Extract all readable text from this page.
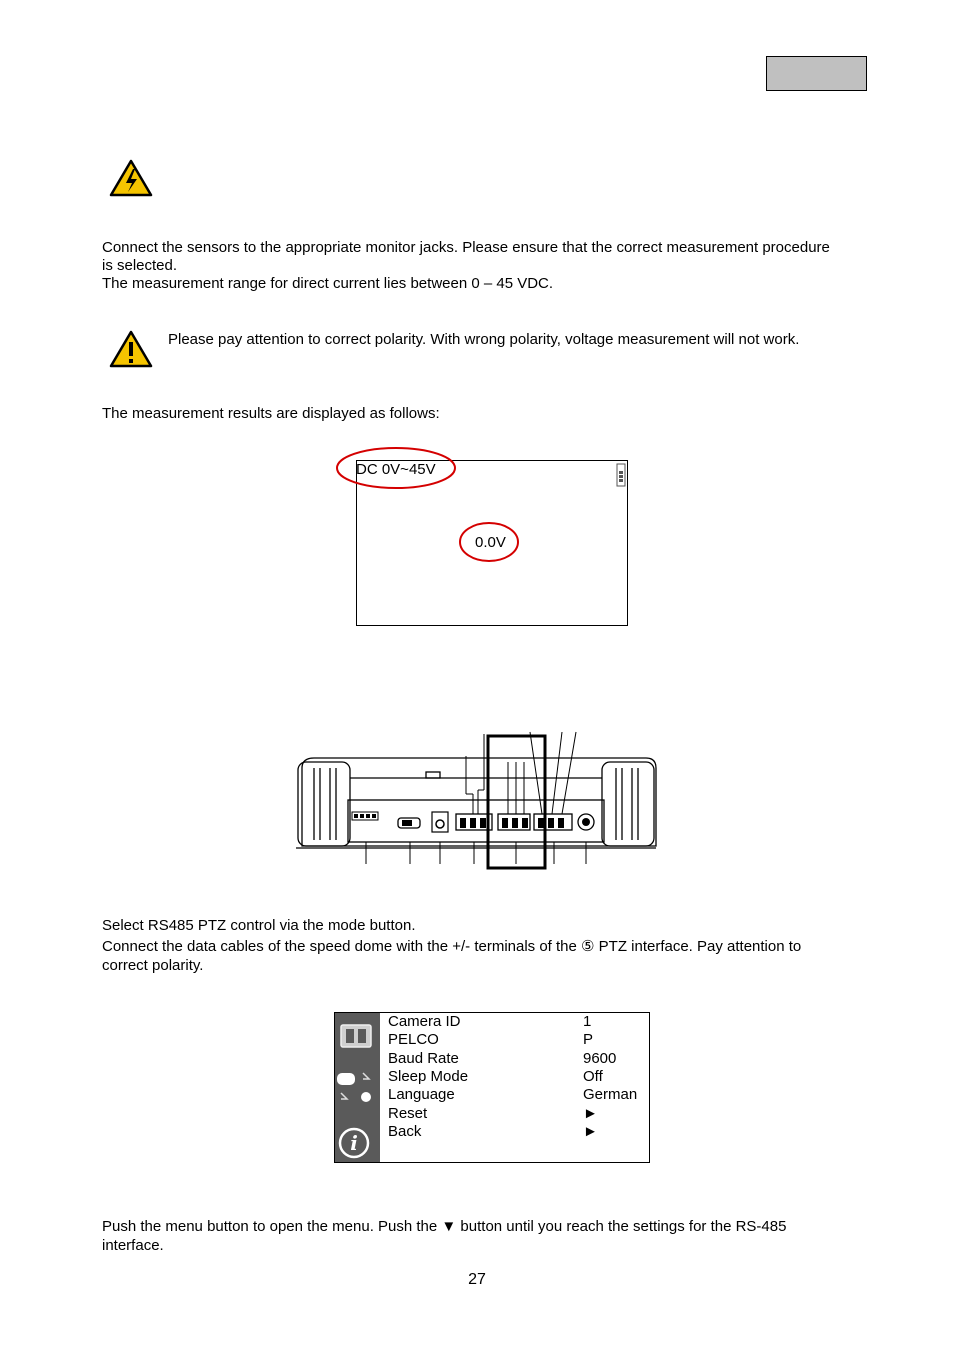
Connect the sensors to the appropriate monitor jacks. Please ensure that the correct measurement procedure
is selected.
The measurement range for direct current lies between 0 – 45 VDC.
Please pay attention to correct polarity. With wrong polarity, voltage measurement will not work.
The measurement results are displayed as follows:
DC 0V~45V
0.0V
Select RS485 PTZ control via the mode button.
Connect the data cables of the speed dome with the +/- terminals of the ⑤ PTZ interface. Pay attention to
correct polarity.
i
Camera ID	1
PELCO	P
Baud Rate	9600
Sleep Mode	Off
Language	German
Reset	►
Back	►
Push the menu button to open the menu. Push the ▼ button until you reach the settings for the RS-485
interface.
27
